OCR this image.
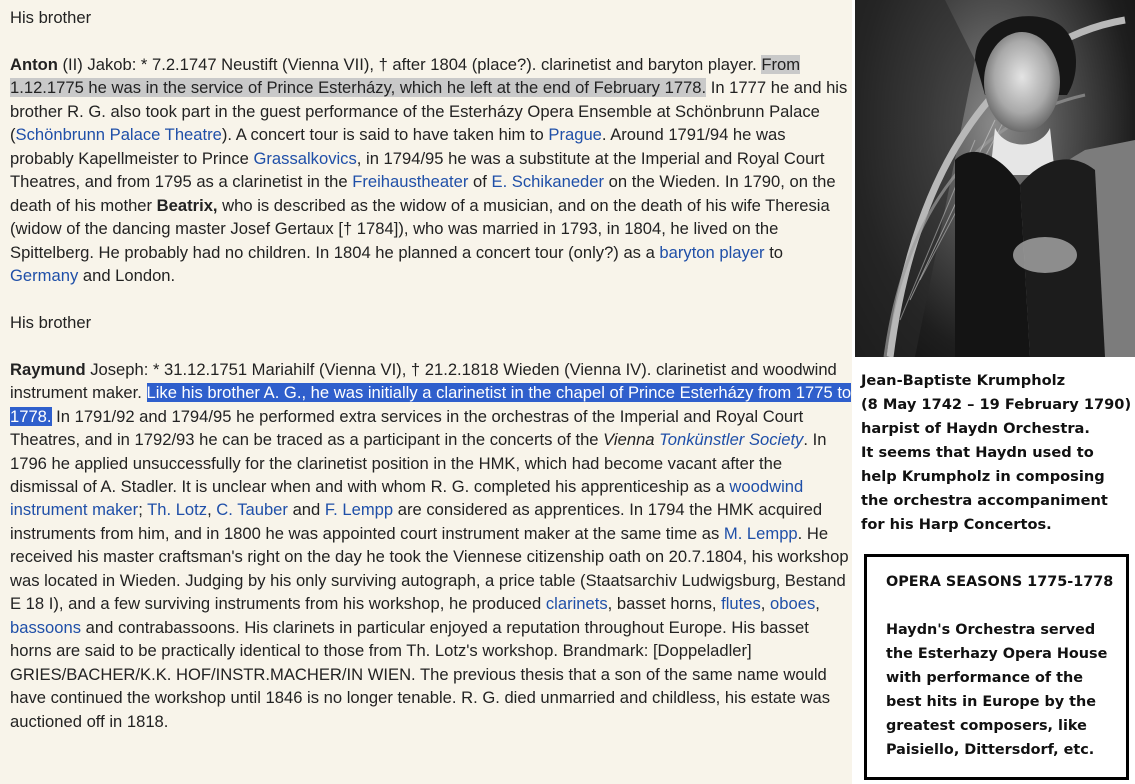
His brother

Anton (II) Jakob: * 7.2.1747 Neustift (Vienna VII), † after 1804 (place?). clarinetist and baryton player. From 1.12.1775 he was in the service of Prince Esterházy, which he left at the end of February 1778. In 1777 he and his brother R. G. also took part in the guest performance of the Esterházy Opera Ensemble at Schönbrunn Palace (Schönbrunn Palace Theatre). A concert tour is said to have taken him to Prague. Around 1791/94 he was probably Kapellmeister to Prince Grassalkovics, in 1794/95 he was a substitute at the Imperial and Royal Court Theatres, and from 1795 as a clarinetist in the Freihaustheater of E. Schikaneder on the Wieden. In 1790, on the death of his mother Beatrix, who is described as the widow of a musician, and on the death of his wife Theresia (widow of the dancing master Josef Gertaux [† 1784]), who was married in 1793, in 1804, he lived on the Spittelberg. He probably had no children. In 1804 he planned a concert tour (only?) as a baryton player to Germany and London.

His brother

Raymund Joseph: * 31.12.1751 Mariahilf (Vienna VI), † 21.2.1818 Wieden (Vienna IV). clarinetist and woodwind instrument maker. Like his brother A. G., he was initially a clarinetist in the chapel of Prince Esterházy from 1775 to 1778. In 1791/92 and 1794/95 he performed extra services in the orchestras of the Imperial and Royal Court Theatres, and in 1792/93 he can be traced as a participant in the concerts of the Vienna Tonkünstler Society. In 1796 he applied unsuccessfully for the clarinetist position in the HMK, which had become vacant after the dismissal of A. Stadler. It is unclear when and with whom R. G. completed his apprenticeship as a woodwind instrument maker; Th. Lotz, C. Tauber and F. Lempp are considered as apprentices. In 1794 the HMK acquired instruments from him, and in 1800 he was appointed court instrument maker at the same time as M. Lempp. He received his master craftsman's right on the day he took the Viennese citizenship oath on 20.7.1804, his workshop was located in Wieden. Judging by his only surviving autograph, a price table (Staatsarchiv Ludwigsburg, Bestand E 18 I), and a few surviving instruments from his workshop, he produced clarinets, basset horns, flutes, oboes, bassoons and contrabassoons. His clarinets in particular enjoyed a reputation throughout Europe. His basset horns are said to be practically identical to those from Th. Lotz's workshop. Brandmark: [Doppeladler] GRIES/BACHER/K.K. HOF/INSTR.MACHER/IN WIEN. The previous thesis that a son of the same name would have continued the workshop until 1846 is no longer tenable. R. G. died unmarried and childless, his estate was auctioned off in 1818.

Jean-Baptiste Krumpholz
(8 May 1742 – 19 February 1790)
harpist of Haydn Orchestra.
It seems that Haydn used to
help Krumpholz in composing
the orchestra accompaniment
for his Harp Concertos.
OPERA SEASONS 1775-1778
Haydn's Orchestra served
the Esterhazy Opera House
with performance of the
best hits in Europe by the
greatest composers, like
Paisiello, Dittersdorf, etc.
